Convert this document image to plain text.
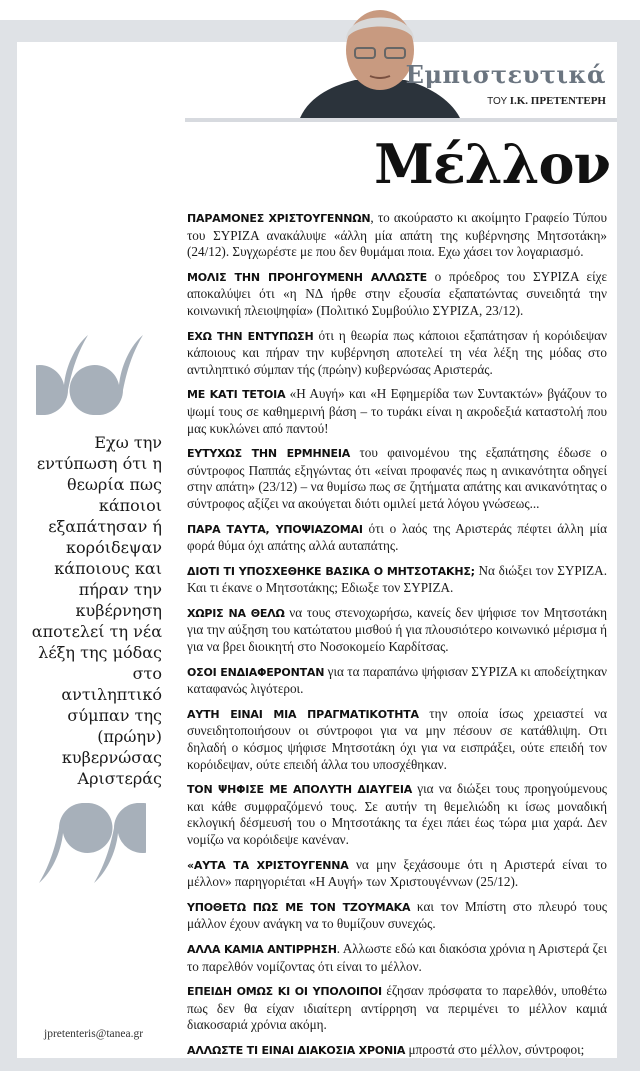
Εμπιστευτικά
ΤΟΥ Ι.Κ. ΠΡΕΤΕΝΤΕΡΗ
Μέλλον
Εχω την εντύπωση ότι η θεωρία πως κάποιοι εξαπάτησαν ή κορόιδεψαν κάποιους και πήραν την κυβέρνηση αποτελεί τη νέα λέξη της μόδας στο αντιληπτικό σύμπαν της (πρώην) κυβερνώσας Αριστεράς
jpretenteris@tanea.gr

ΠΑΡΑΜΟΝΕΣ ΧΡΙΣΤΟΥΓΕΝΝΩΝ, το ακούραστο κι ακοίμητο Γραφείο Τύπου του ΣΥΡΙΖΑ ανακάλυψε «άλλη μία απάτη της κυβέρνησης Μητσοτάκη» (24/12). Συγχωρέστε με που δεν θυμάμαι ποια. Εχω χάσει τον λογαριασμό.

ΜΟΛΙΣ ΤΗΝ ΠΡΟΗΓΟΥΜΕΝΗ ΑΛΛΩΣΤΕ ο πρόεδρος του ΣΥΡΙΖΑ είχε αποκαλύψει ότι «η ΝΔ ήρθε στην εξουσία εξαπατώντας συνειδητά την κοινωνική πλειοψηφία» (Πολιτικό Συμβούλιο ΣΥΡΙΖΑ, 23/12).

ΕΧΩ ΤΗΝ ΕΝΤΥΠΩΣΗ ότι η θεωρία πως κάποιοι εξαπάτησαν ή κορόιδεψαν κάποιους και πήραν την κυβέρνηση αποτελεί τη νέα λέξη της μόδας στο αντιληπτικό σύμπαν τής (πρώην) κυβερνώσας Αριστεράς.

ΜΕ ΚΑΤΙ ΤΕΤΟΙΑ «Η Αυγή» και «Η Εφημερίδα των Συντακτών» βγάζουν το ψωμί τους σε καθημερινή βάση – το τυράκι είναι η ακροδεξιά καταστολή που μας κυκλώνει από παντού!

ΕΥΤΥΧΩΣ ΤΗΝ ΕΡΜΗΝΕΙΑ του φαινομένου της εξαπάτησης έδωσε ο σύντροφος Παππάς εξηγώντας ότι «είναι προφανές πως η ανικανότητα οδηγεί στην απάτη» (23/12) – να θυμίσω πως σε ζητήματα απάτης και ανικανότητας ο σύντροφος αξίζει να ακούγεται διότι ομιλεί μετά λόγου γνώσεως...

ΠΑΡΑ ΤΑΥΤΑ, ΥΠΟΨΙΑΖΟΜΑΙ ότι ο λαός της Αριστεράς πέφτει άλλη μία φορά θύμα όχι απάτης αλλά αυταπάτης.

ΔΙΟΤΙ ΤΙ ΥΠΟΣΧΕΘΗΚΕ ΒΑΣΙΚΑ Ο ΜΗΤΣΟΤΑΚΗΣ; Να διώξει τον ΣΥΡΙΖΑ. Και τι έκανε ο Μητσοτάκης; Εδιωξε τον ΣΥΡΙΖΑ.

ΧΩΡΙΣ ΝΑ ΘΕΛΩ να τους στενοχωρήσω, κανείς δεν ψήφισε τον Μητσοτάκη για την αύξηση του κατώτατου μισθού ή για πλουσιότερο κοινωνικό μέρισμα ή για να βρει διοικητή στο Νοσοκομείο Καρδίτσας.

ΟΣΟΙ ΕΝΔΙΑΦΕΡΟΝΤΑΝ για τα παραπάνω ψήφισαν ΣΥΡΙΖΑ κι αποδείχτηκαν καταφανώς λιγότεροι.

ΑΥΤΗ ΕΙΝΑΙ ΜΙΑ ΠΡΑΓΜΑΤΙΚΟΤΗΤΑ την οποία ίσως χρειαστεί να συνειδητοποιήσουν οι σύντροφοι για να μην πέσουν σε κατάθλιψη. Οτι δηλαδή ο κόσμος ψήφισε Μητσοτάκη όχι για να εισπράξει, ούτε επειδή τον κορόιδεψαν, ούτε επειδή άλλα του υποσχέθηκαν.

ΤΟΝ ΨΗΦΙΣΕ ΜΕ ΑΠΟΛΥΤΗ ΔΙΑΥΓΕΙΑ για να διώξει τους προηγούμενους και κάθε συμφραζόμενό τους. Σε αυτήν τη θεμελιώδη κι ίσως μοναδική εκλογική δέσμευσή του ο Μητσοτάκης τα έχει πάει έως τώρα μια χαρά. Δεν νομίζω να κορόιδεψε κανέναν.

«ΑΥΤΑ ΤΑ ΧΡΙΣΤΟΥΓΕΝΝΑ να μην ξεχάσουμε ότι η Αριστερά είναι το μέλλον» παρηγοριέται «Η Αυγή» των Χριστουγέννων (25/12).

ΥΠΟΘΕΤΩ ΠΩΣ ΜΕ ΤΟΝ ΤΖΟΥΜΑΚΑ και τον Μπίστη στο πλευρό τους μάλλον έχουν ανάγκη να το θυμίζουν συνεχώς.

ΑΛΛΑ ΚΑΜΙΑ ΑΝΤΙΡΡΗΣΗ. Αλλωστε εδώ και διακόσια χρόνια η Αριστερά ζει το παρελθόν νομίζοντας ότι είναι το μέλλον.

ΕΠΕΙΔΗ ΟΜΩΣ ΚΙ ΟΙ ΥΠΟΛΟΙΠΟΙ έζησαν πρόσφατα το παρελθόν, υποθέτω πως δεν θα είχαν ιδιαίτερη αντίρρηση να περιμένει το μέλλον καμιά διακοσαριά χρόνια ακόμη.

ΑΛΛΩΣΤΕ ΤΙ ΕΙΝΑΙ ΔΙΑΚΟΣΙΑ ΧΡΟΝΙΑ μπροστά στο μέλλον, σύντροφοι;
